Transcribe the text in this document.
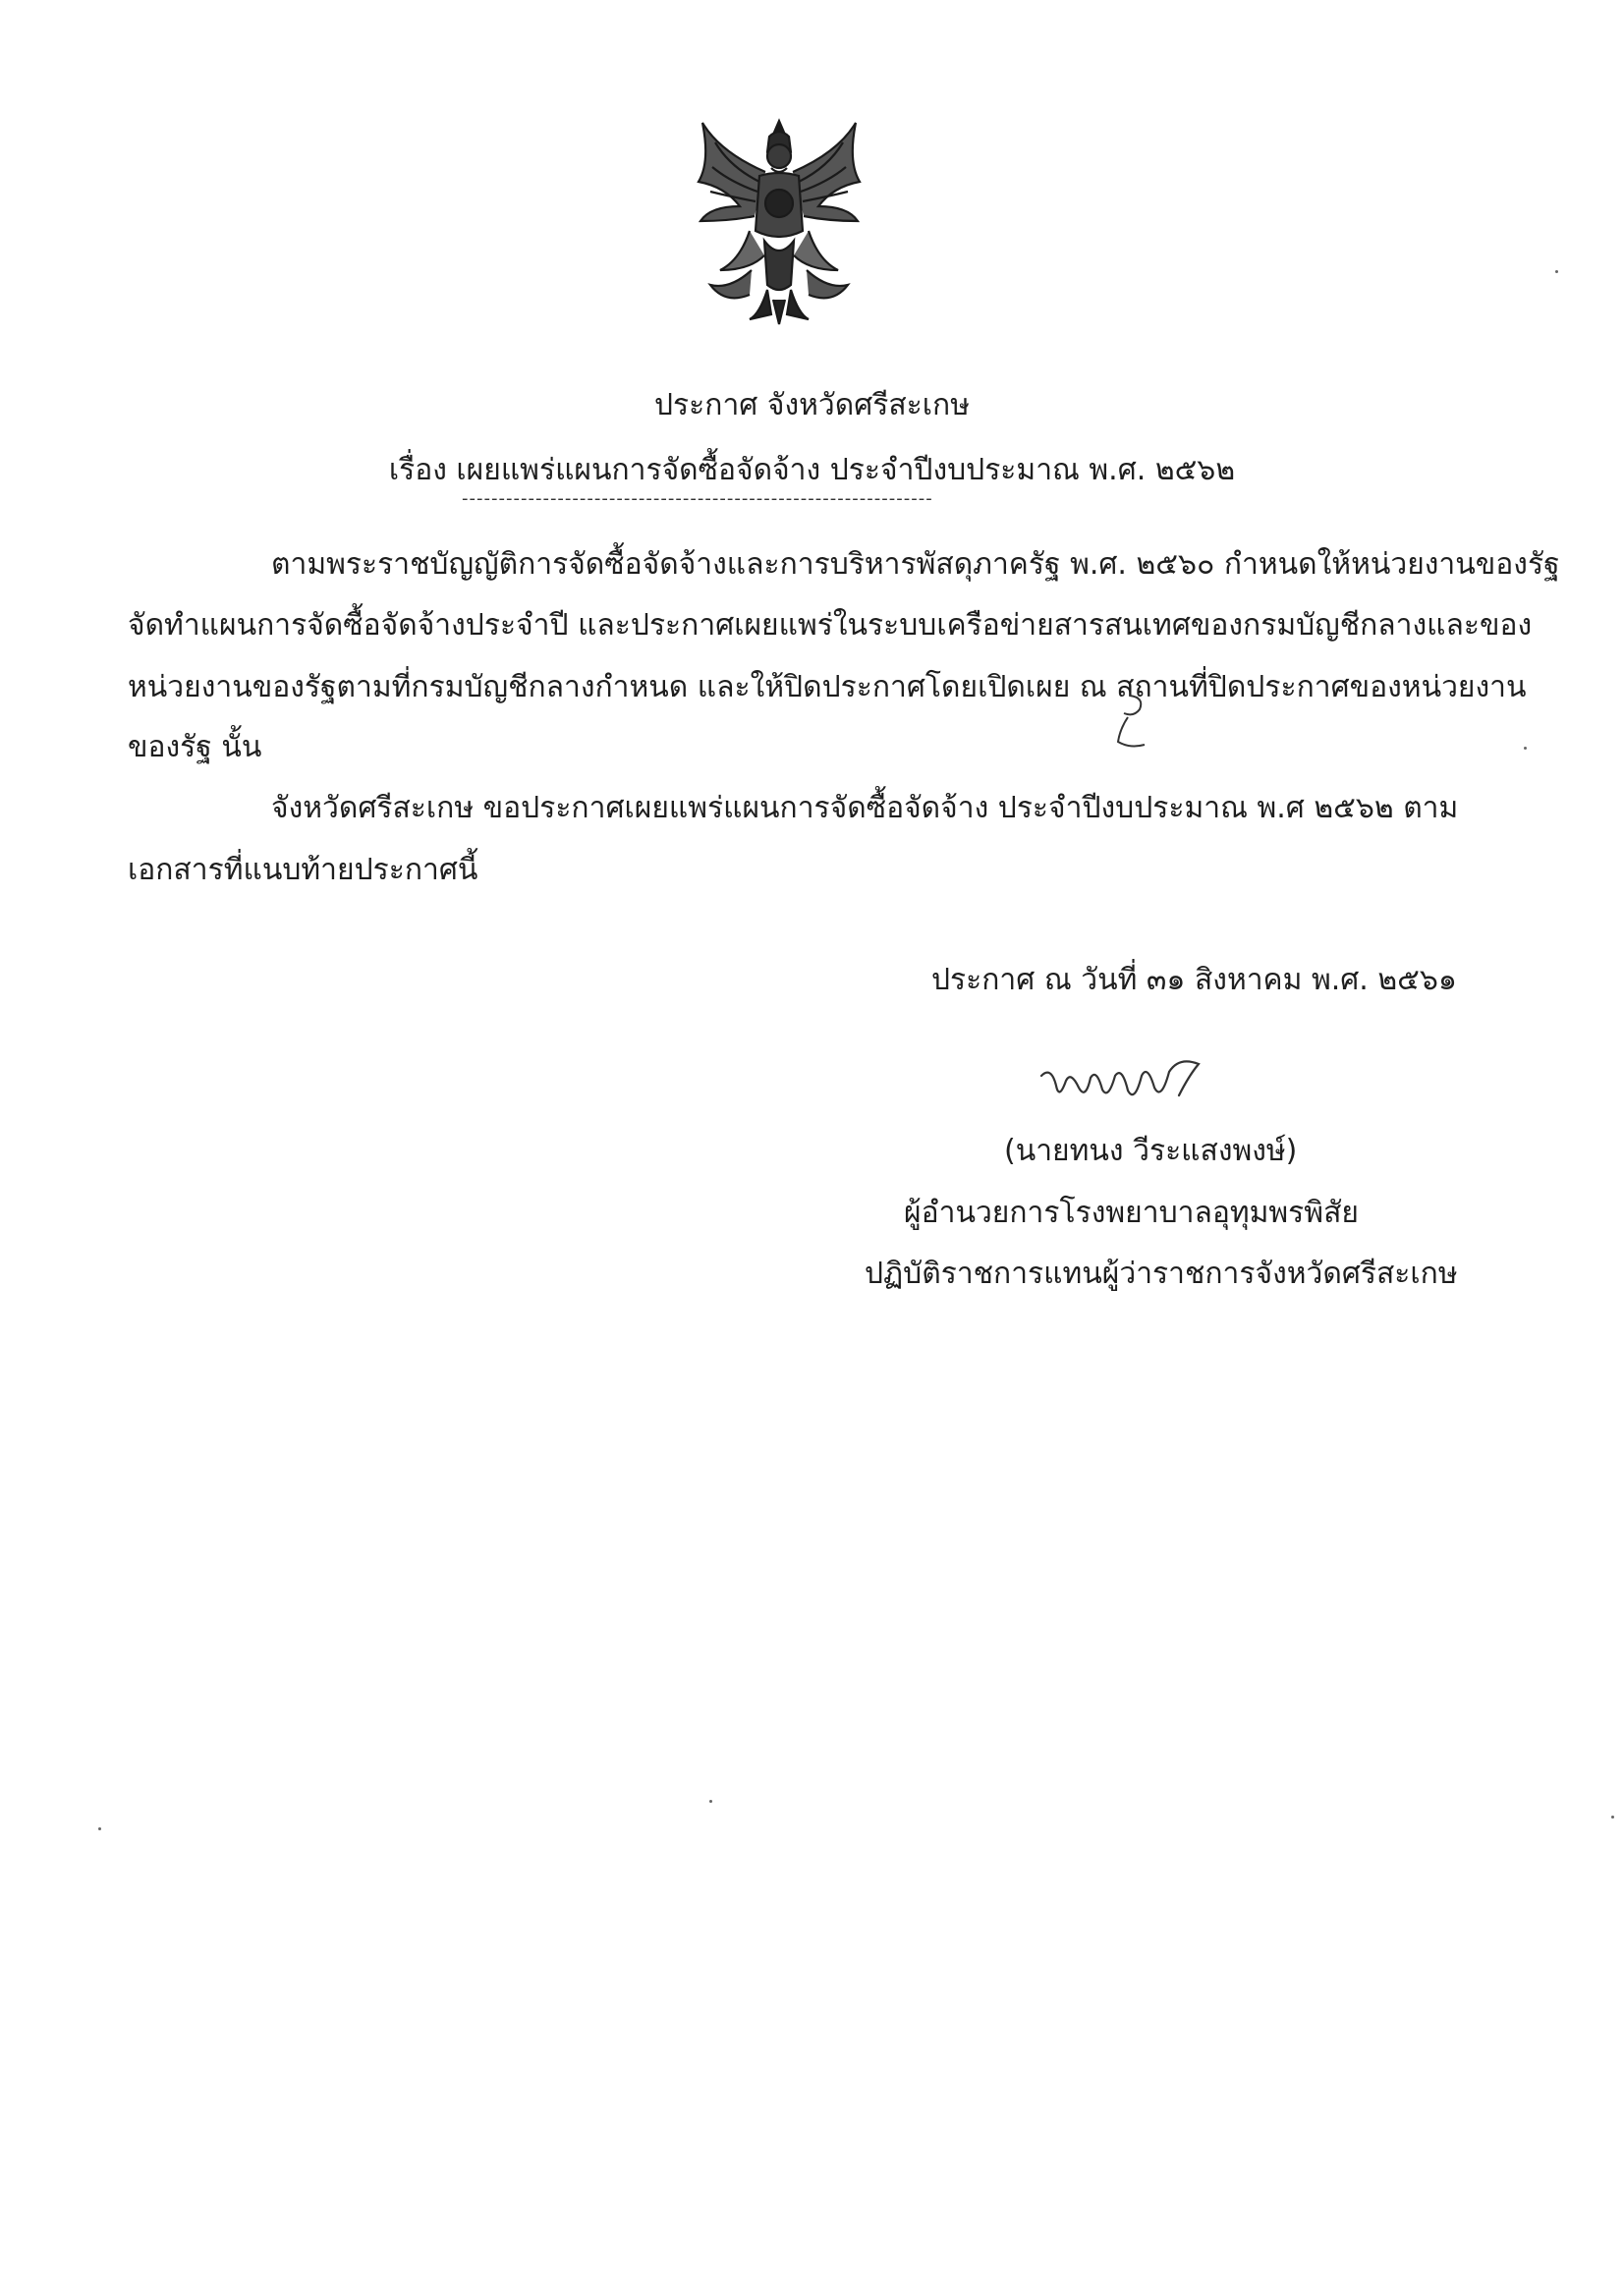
ประกาศ จังหวัดศรีสะเกษ
เรื่อง เผยแพร่แผนการจัดซื้อจัดจ้าง ประจำปีงบประมาณ พ.ศ. ๒๕๖๒
----------------------------------------------------------------
ตามพระราชบัญญัติการจัดซื้อจัดจ้างและการบริหารพัสดุภาครัฐ พ.ศ. ๒๕๖๐ กำหนดให้หน่วยงานของรัฐ
จัดทำแผนการจัดซื้อจัดจ้างประจำปี และประกาศเผยแพร่ในระบบเครือข่ายสารสนเทศของกรมบัญชีกลางและของ
หน่วยงานของรัฐตามที่กรมบัญชีกลางกำหนด และให้ปิดประกาศโดยเปิดเผย ณ สถานที่ปิดประกาศของหน่วยงาน
ของรัฐ นั้น
จังหวัดศรีสะเกษ ขอประกาศเผยแพร่แผนการจัดซื้อจัดจ้าง ประจำปีงบประมาณ พ.ศ ๒๕๖๒ ตาม
เอกสารที่แนบท้ายประกาศนี้
ประกาศ ณ วันที่ ๓๑ สิงหาคม พ.ศ. ๒๕๖๑
(นายทนง วีระแสงพงษ์)
ผู้อำนวยการโรงพยาบาลอุทุมพรพิสัย
ปฏิบัติราชการแทนผู้ว่าราชการจังหวัดศรีสะเกษ
